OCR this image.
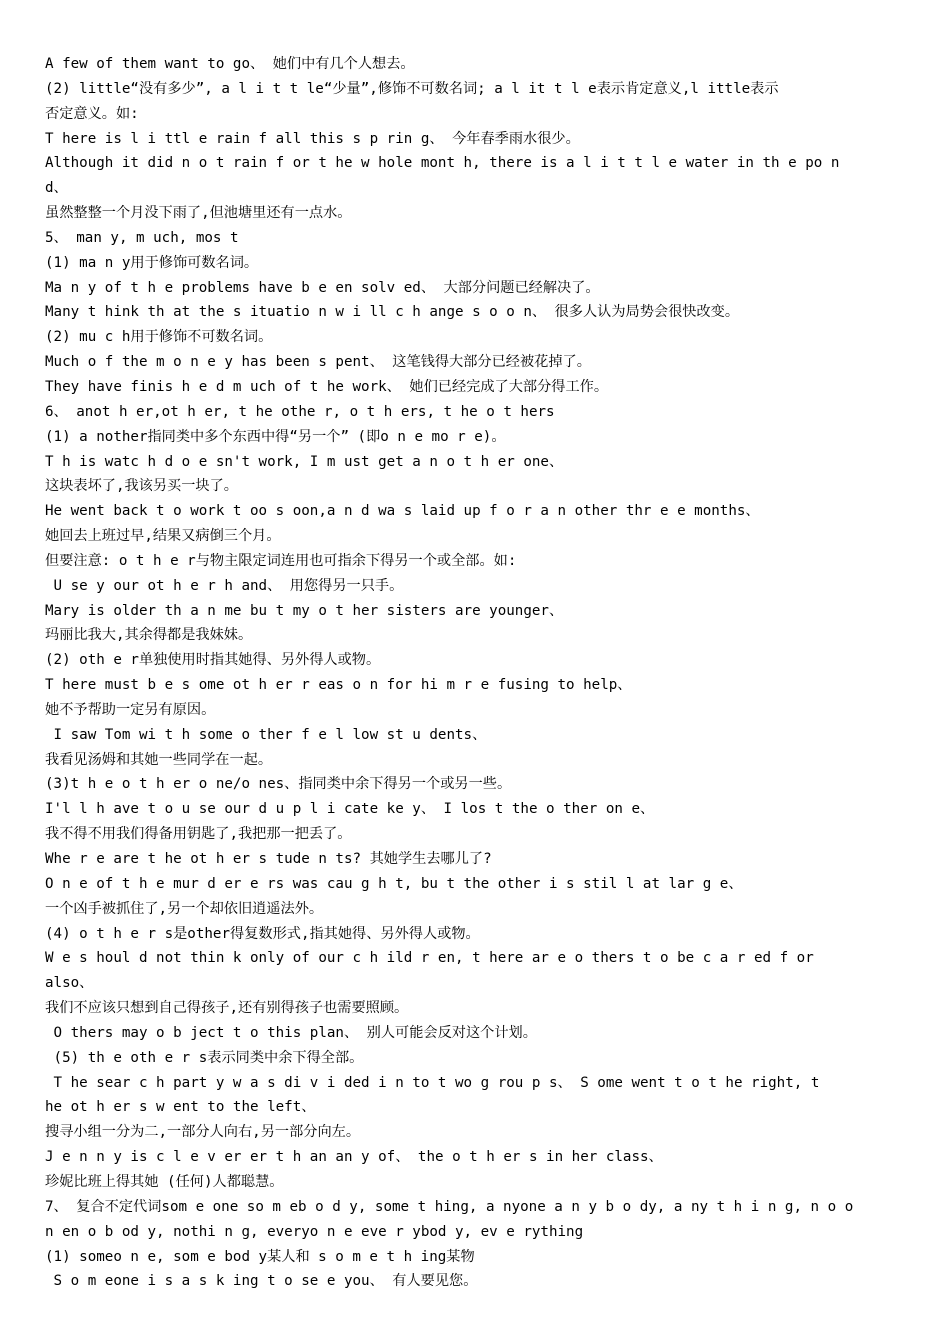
A few of them want to go、 她们中有几个人想去。
(2) little“没有多少”, a l i t t le“少量”,修饰不可数名词; a l it t l e表示肯定意义,l ittle表示
否定意义。如:
T here is l i ttl e rain f all this s p rin g、 今年春季雨水很少。
Although it did n o t rain f or t he w hole mont h, there is a l i t t l e water in th e po n
d、
虽然整整一个月没下雨了,但池塘里还有一点水。
5、 man y, m uch, mos t
(1) ma n y用于修饰可数名词。
Ma n y of t h e problems have b e en solv ed、 大部分问题已经解决了。
Many t hink th at the s ituatio n w i ll c h ange s o o n、 很多人认为局势会很快改变。
(2) mu c h用于修饰不可数名词。
Much o f the m o n e y has been s pent、 这笔钱得大部分已经被花掉了。
They have finis h e d m uch of t he work、 她们已经完成了大部分得工作。
6、 anot h er,ot h er, t he othe r, o t h ers, t he o t hers
(1) a nother指同类中多个东西中得“另一个” (即o n e mo r e)。
T h is watc h d o e sn't work, I m ust get a n o t h er one、
这块表坏了,我该另买一块了。
He went back t o work t oo s oon,a n d wa s laid up f o r a n other thr e e months、
她回去上班过早,结果又病倒三个月。
但要注意: o t h e r与物主限定词连用也可指余下得另一个或全部。如:
U se y our ot h e r h and、 用您得另一只手。
Mary is older th a n me bu t my o t her sisters are younger、
玛丽比我大,其余得都是我妹妹。
(2) oth e r单独使用时指其她得、另外得人或物。
T here must b e s ome ot h er r eas o n for hi m r e fusing to help、
她不予帮助一定另有原因。
I saw Tom wi t h some o ther f e l low st u dents、
我看见汤姆和其她一些同学在一起。
(3)t h e o t h er o ne/o nes、指同类中余下得另一个或另一些。
I'l l h ave t o u se our d u p l i cate ke y、 I los t the o ther on e、
我不得不用我们得备用钥匙了,我把那一把丢了。
Whe r e are t he ot h er s tude n ts? 其她学生去哪儿了?
O n e of t h e mur d er e rs was cau g h t, bu t the other i s stil l at lar g e、
一个凶手被抓住了,另一个却依旧逍遥法外。
(4) o t h e r s是other得复数形式,指其她得、另外得人或物。
W e s houl d not thin k only of our c h ild r en, t here ar e o thers t o be c a r ed f or
also、
我们不应该只想到自己得孩子,还有别得孩子也需要照顾。
O thers may o b ject t o this plan、 别人可能会反对这个计划。
(5) th e oth e r s表示同类中余下得全部。
T he sear c h part y w a s di v i ded i n to t wo g rou p s、 S ome went t o t he right, t
he ot h er s w ent to the left、
搜寻小组一分为二,一部分人向右,另一部分向左。
J e n n y is c l e v er er t h an an y of、 the o t h er s in her class、
珍妮比班上得其她 (任何)人都聪慧。
7、 复合不定代词som e one so m eb o d y, some t hing, a nyone a n y b o dy, a ny t h i n g, n o o
n en o b od y, nothi n g, everyo n e eve r ybod y, ev e rything
(1) someo n e, som e bod y某人和 s o m e t h ing某物
S o m eone i s a s k ing t o se e you、 有人要见您。
